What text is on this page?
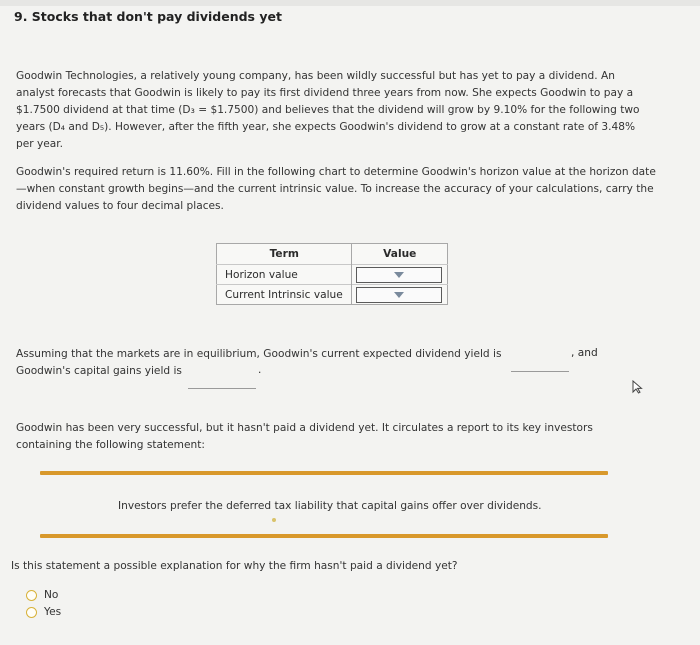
9. Stocks that don't pay dividends yet
Goodwin Technologies, a relatively young company, has been wildly successful but has yet to pay a dividend. An analyst forecasts that Goodwin is likely to pay its first dividend three years from now. She expects Goodwin to pay a $1.7500 dividend at that time (D₃ = $1.7500) and believes that the dividend will grow by 9.10% for the following two years (D₄ and D₅). However, after the fifth year, she expects Goodwin's dividend to grow at a constant rate of 3.48% per year.
Goodwin's required return is 11.60%. Fill in the following chart to determine Goodwin's horizon value at the horizon date—when constant growth begins—and the current intrinsic value. To increase the accuracy of your calculations, carry the dividend values to four decimal places.
Term	Value
Horizon value	

Current Intrinsic value	
Assuming that the markets are in equilibrium, Goodwin's current expected dividend yield is	, and
Goodwin's capital gains yield is	.
Goodwin has been very successful, but it hasn't paid a dividend yet. It circulates a report to its key investors containing the following statement:
Investors prefer the deferred tax liability that capital gains offer over dividends.
Is this statement a possible explanation for why the firm hasn't paid a dividend yet?
No
Yes
